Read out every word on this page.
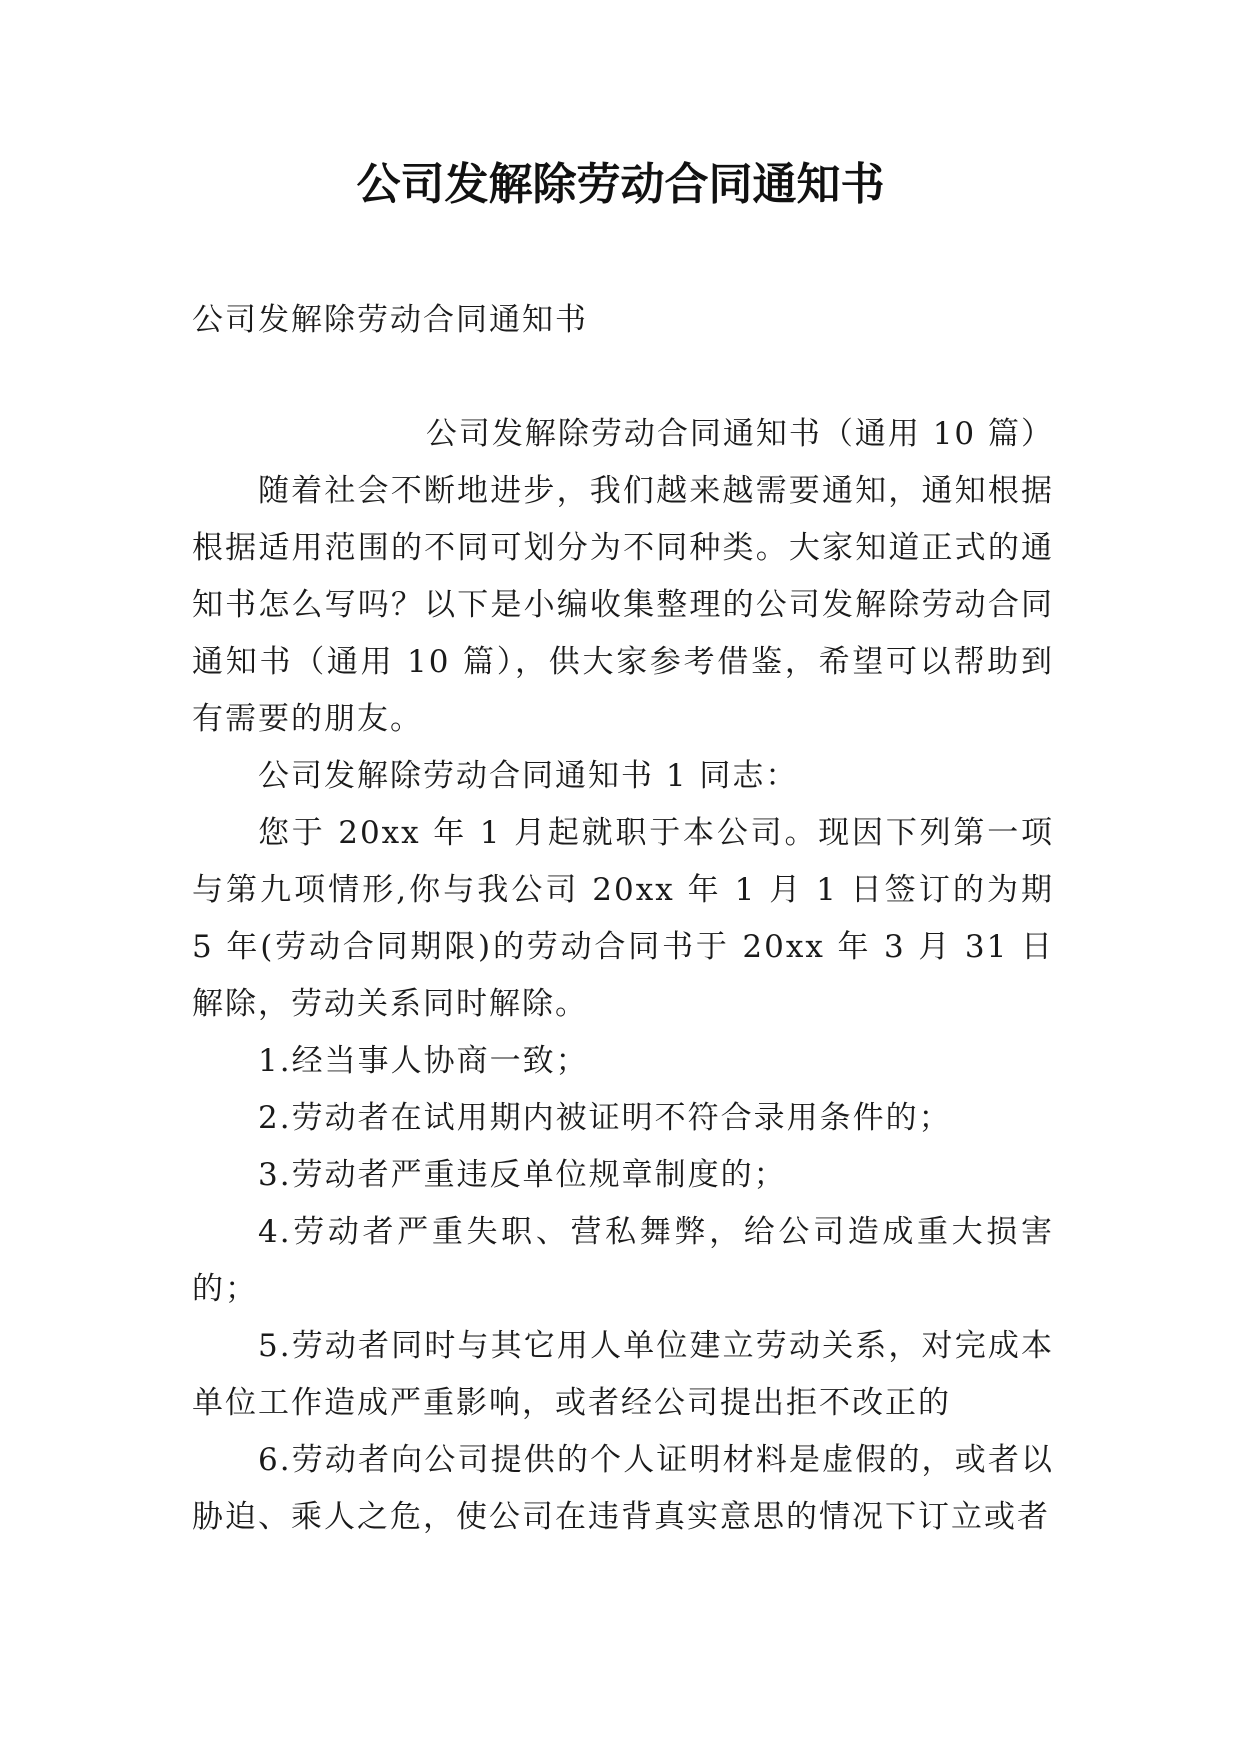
公司发解除劳动合同通知书

公司发解除劳动合同通知书

公司发解除劳动合同通知书（通用 10 篇）

随着社会不断地进步，我们越来越需要通知，通知根据根据适用范围的不同可划分为不同种类。大家知道正式的通知书怎么写吗？以下是小编收集整理的公司发解除劳动合同通知书（通用 10 篇），供大家参考借鉴，希望可以帮助到有需要的朋友。

公司发解除劳动合同通知书 1 同志：

您于 20xx 年 1 月起就职于本公司。现因下列第一项与第九项情形,你与我公司 20xx 年 1 月 1 日签订的为期 5 年(劳动合同期限)的劳动合同书于 20xx 年 3 月 31 日解除，劳动关系同时解除。

1.经当事人协商一致；

2.劳动者在试用期内被证明不符合录用条件的；

3.劳动者严重违反单位规章制度的；

4.劳动者严重失职、营私舞弊，给公司造成重大损害的；

5.劳动者同时与其它用人单位建立劳动关系，对完成本单位工作造成严重影响，或者经公司提出拒不改正的

6.劳动者向公司提供的个人证明材料是虚假的，或者以胁迫、乘人之危，使公司在违背真实意思的情况下订立或者
